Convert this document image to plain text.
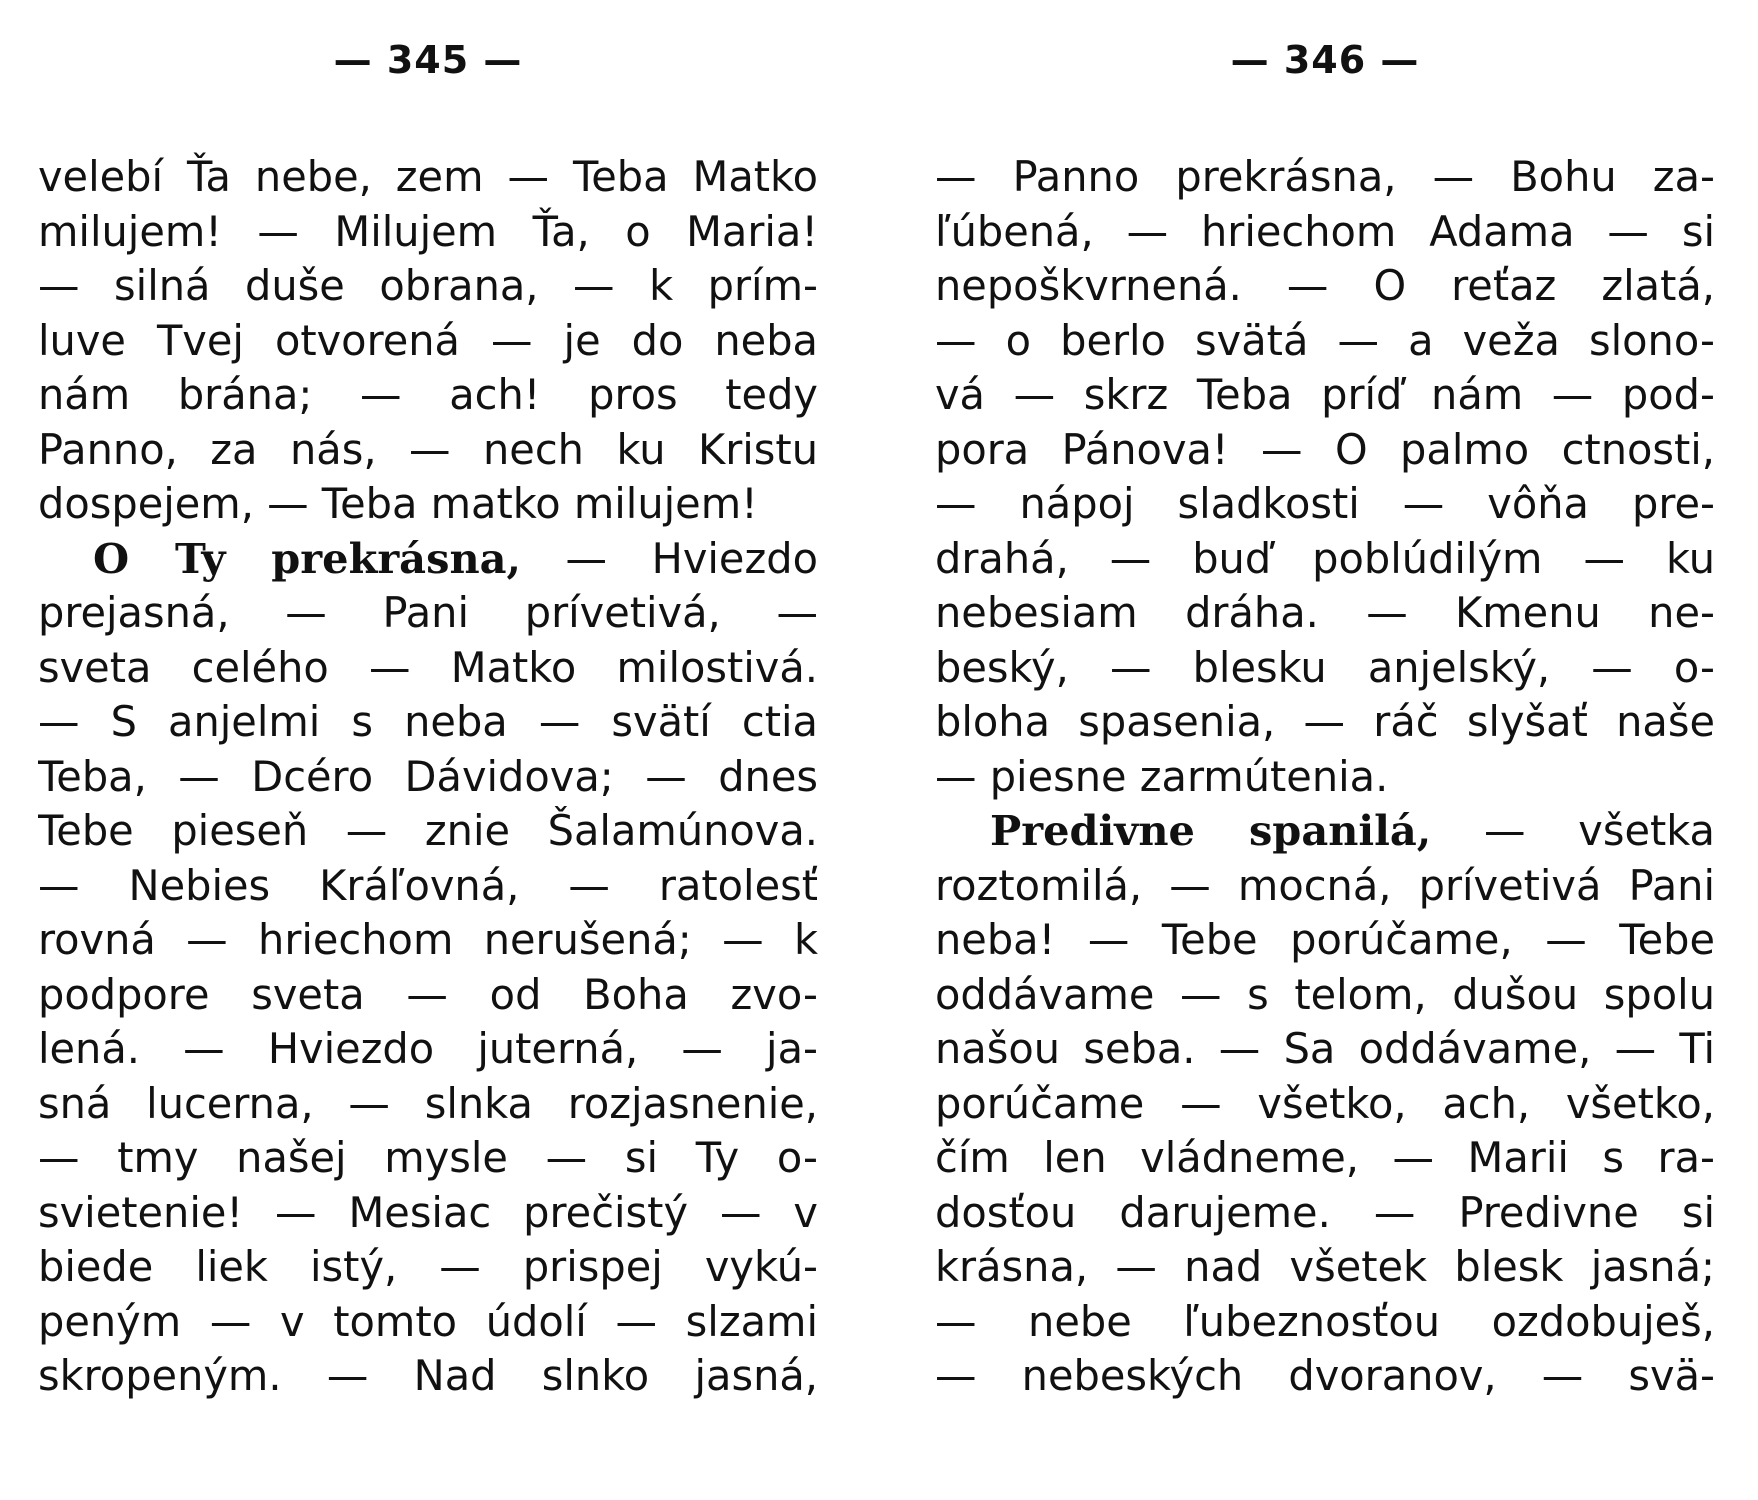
— 345 —
velebí Ťa nebe, zem — Teba Matko
milujem! — Milujem Ťa, o Maria!
— silná duše obrana, — k prím-
luve Tvej otvorená — je do neba
nám brána; — ach! pros tedy
Panno, za nás, — nech ku Kristu
dospejem, — Teba matko milujem!
O Ty prekrásna, — Hviezdo
prejasná, — Pani prívetivá, —
sveta celého — Matko milostivá.
— S anjelmi s neba — svätí ctia
Teba, — Dcéro Dávidova; — dnes
Tebe pieseň — znie Šalamúnova.
— Nebies Kráľovná, — ratolesť
rovná — hriechom nerušená; — k
podpore sveta — od Boha zvo-
lená. — Hviezdo juterná, — ja-
sná lucerna, — slnka rozjasnenie,
— tmy našej mysle — si Ty o-
svietenie! — Mesiac prečistý — v
biede liek istý, — prispej vykú-
peným — v tomto údolí — slzami
skropeným. — Nad slnko jasná,
— 346 —
— Panno prekrásna, — Bohu za-
ľúbená, — hriechom Adama — si
nepoškvrnená. — O reťaz zlatá,
— o berlo svätá — a veža slono-
vá — skrz Teba príď nám — pod-
pora Pánova! — O palmo ctnosti,
— nápoj sladkosti — vôňa pre-
drahá, — buď poblúdilým — ku
nebesiam dráha. — Kmenu ne-
beský, — blesku anjelský, — o-
bloha spasenia, — ráč slyšať naše
— piesne zarmútenia.
Predivne spanilá, — všetka
roztomilá, — mocná, prívetivá Pani
neba! — Tebe porúčame, — Tebe
oddávame — s telom, dušou spolu
našou seba. — Sa oddávame, — Ti
porúčame — všetko, ach, všetko,
čím len vládneme, — Marii s ra-
dosťou darujeme. — Predivne si
krásna, — nad všetek blesk jasná;
— nebe ľubeznosťou ozdobuješ,
— nebeských dvoranov, — svä-
